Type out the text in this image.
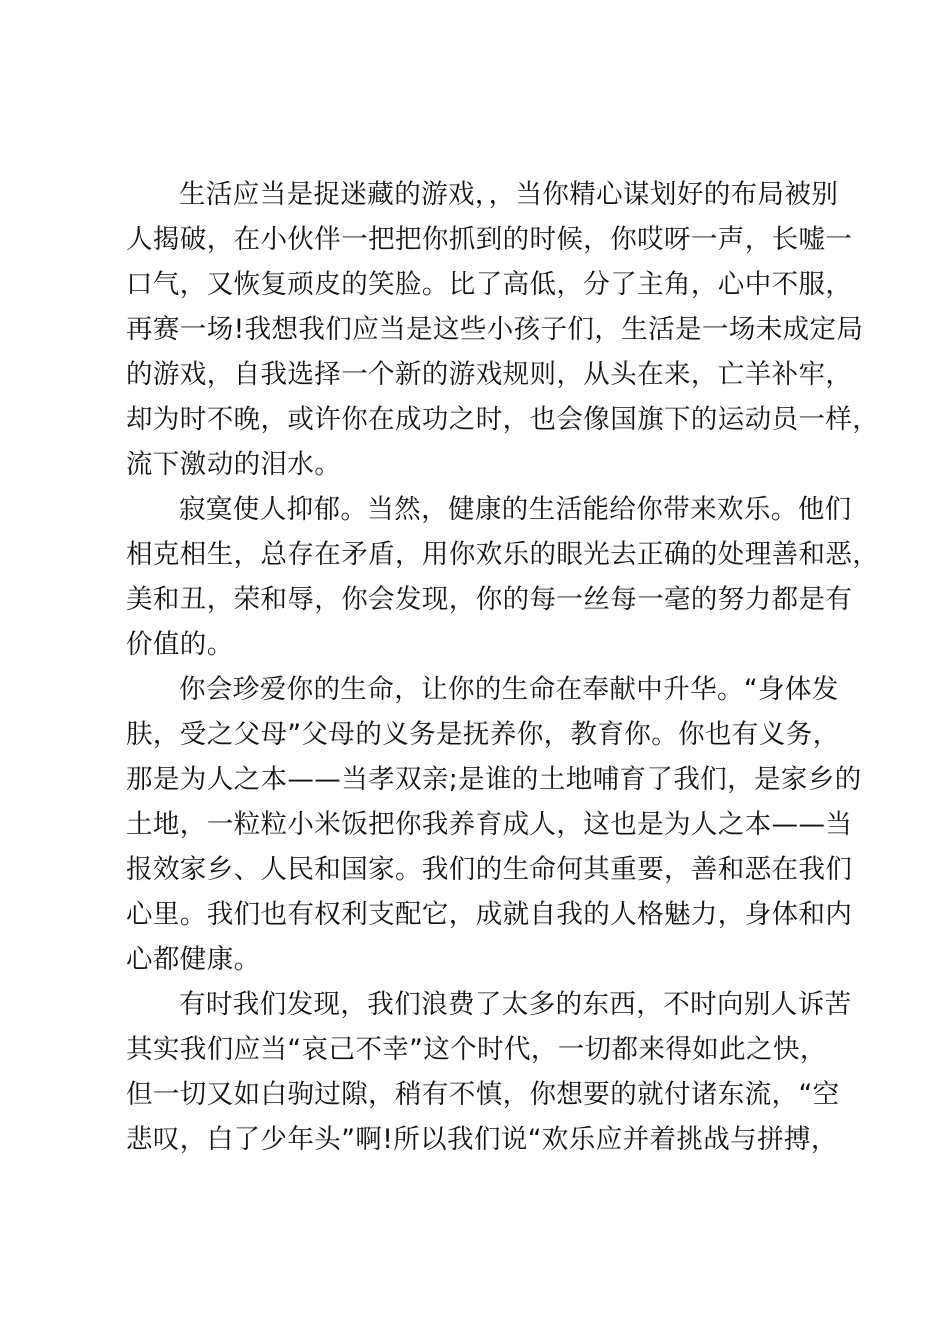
生活应当是捉迷藏的游戏，，当你精心谋划好的布局被别
人揭破，在小伙伴一把把你抓到的时候，你哎呀一声，长嘘一
口气，又恢复顽皮的笑脸。比了高低，分了主角，心中不服，
再赛一场!我想我们应当是这些小孩子们，生活是一场未成定局
的游戏，自我选择一个新的游戏规则，从头在来，亡羊补牢，
却为时不晚，或许你在成功之时，也会像国旗下的运动员一样，
流下激动的泪水。
寂寞使人抑郁。当然，健康的生活能给你带来欢乐。他们
相克相生，总存在矛盾，用你欢乐的眼光去正确的处理善和恶，
美和丑，荣和辱，你会发现，你的每一丝每一毫的努力都是有
价值的。
你会珍爱你的生命，让你的生命在奉献中升华。“身体发
肤，受之父母”父母的义务是抚养你，教育你。你也有义务，
那是为人之本——当孝双亲;是谁的土地哺育了我们，是家乡的
土地，一粒粒小米饭把你我养育成人，这也是为人之本——当
报效家乡、人民和国家。我们的生命何其重要，善和恶在我们
心里。我们也有权利支配它，成就自我的人格魅力，身体和内
心都健康。
有时我们发现，我们浪费了太多的东西，不时向别人诉苦
其实我们应当“哀己不幸”这个时代，一切都来得如此之快，
但一切又如白驹过隙，稍有不慎，你想要的就付诸东流，“空
悲叹，白了少年头”啊!所以我们说“欢乐应并着挑战与拼搏，
